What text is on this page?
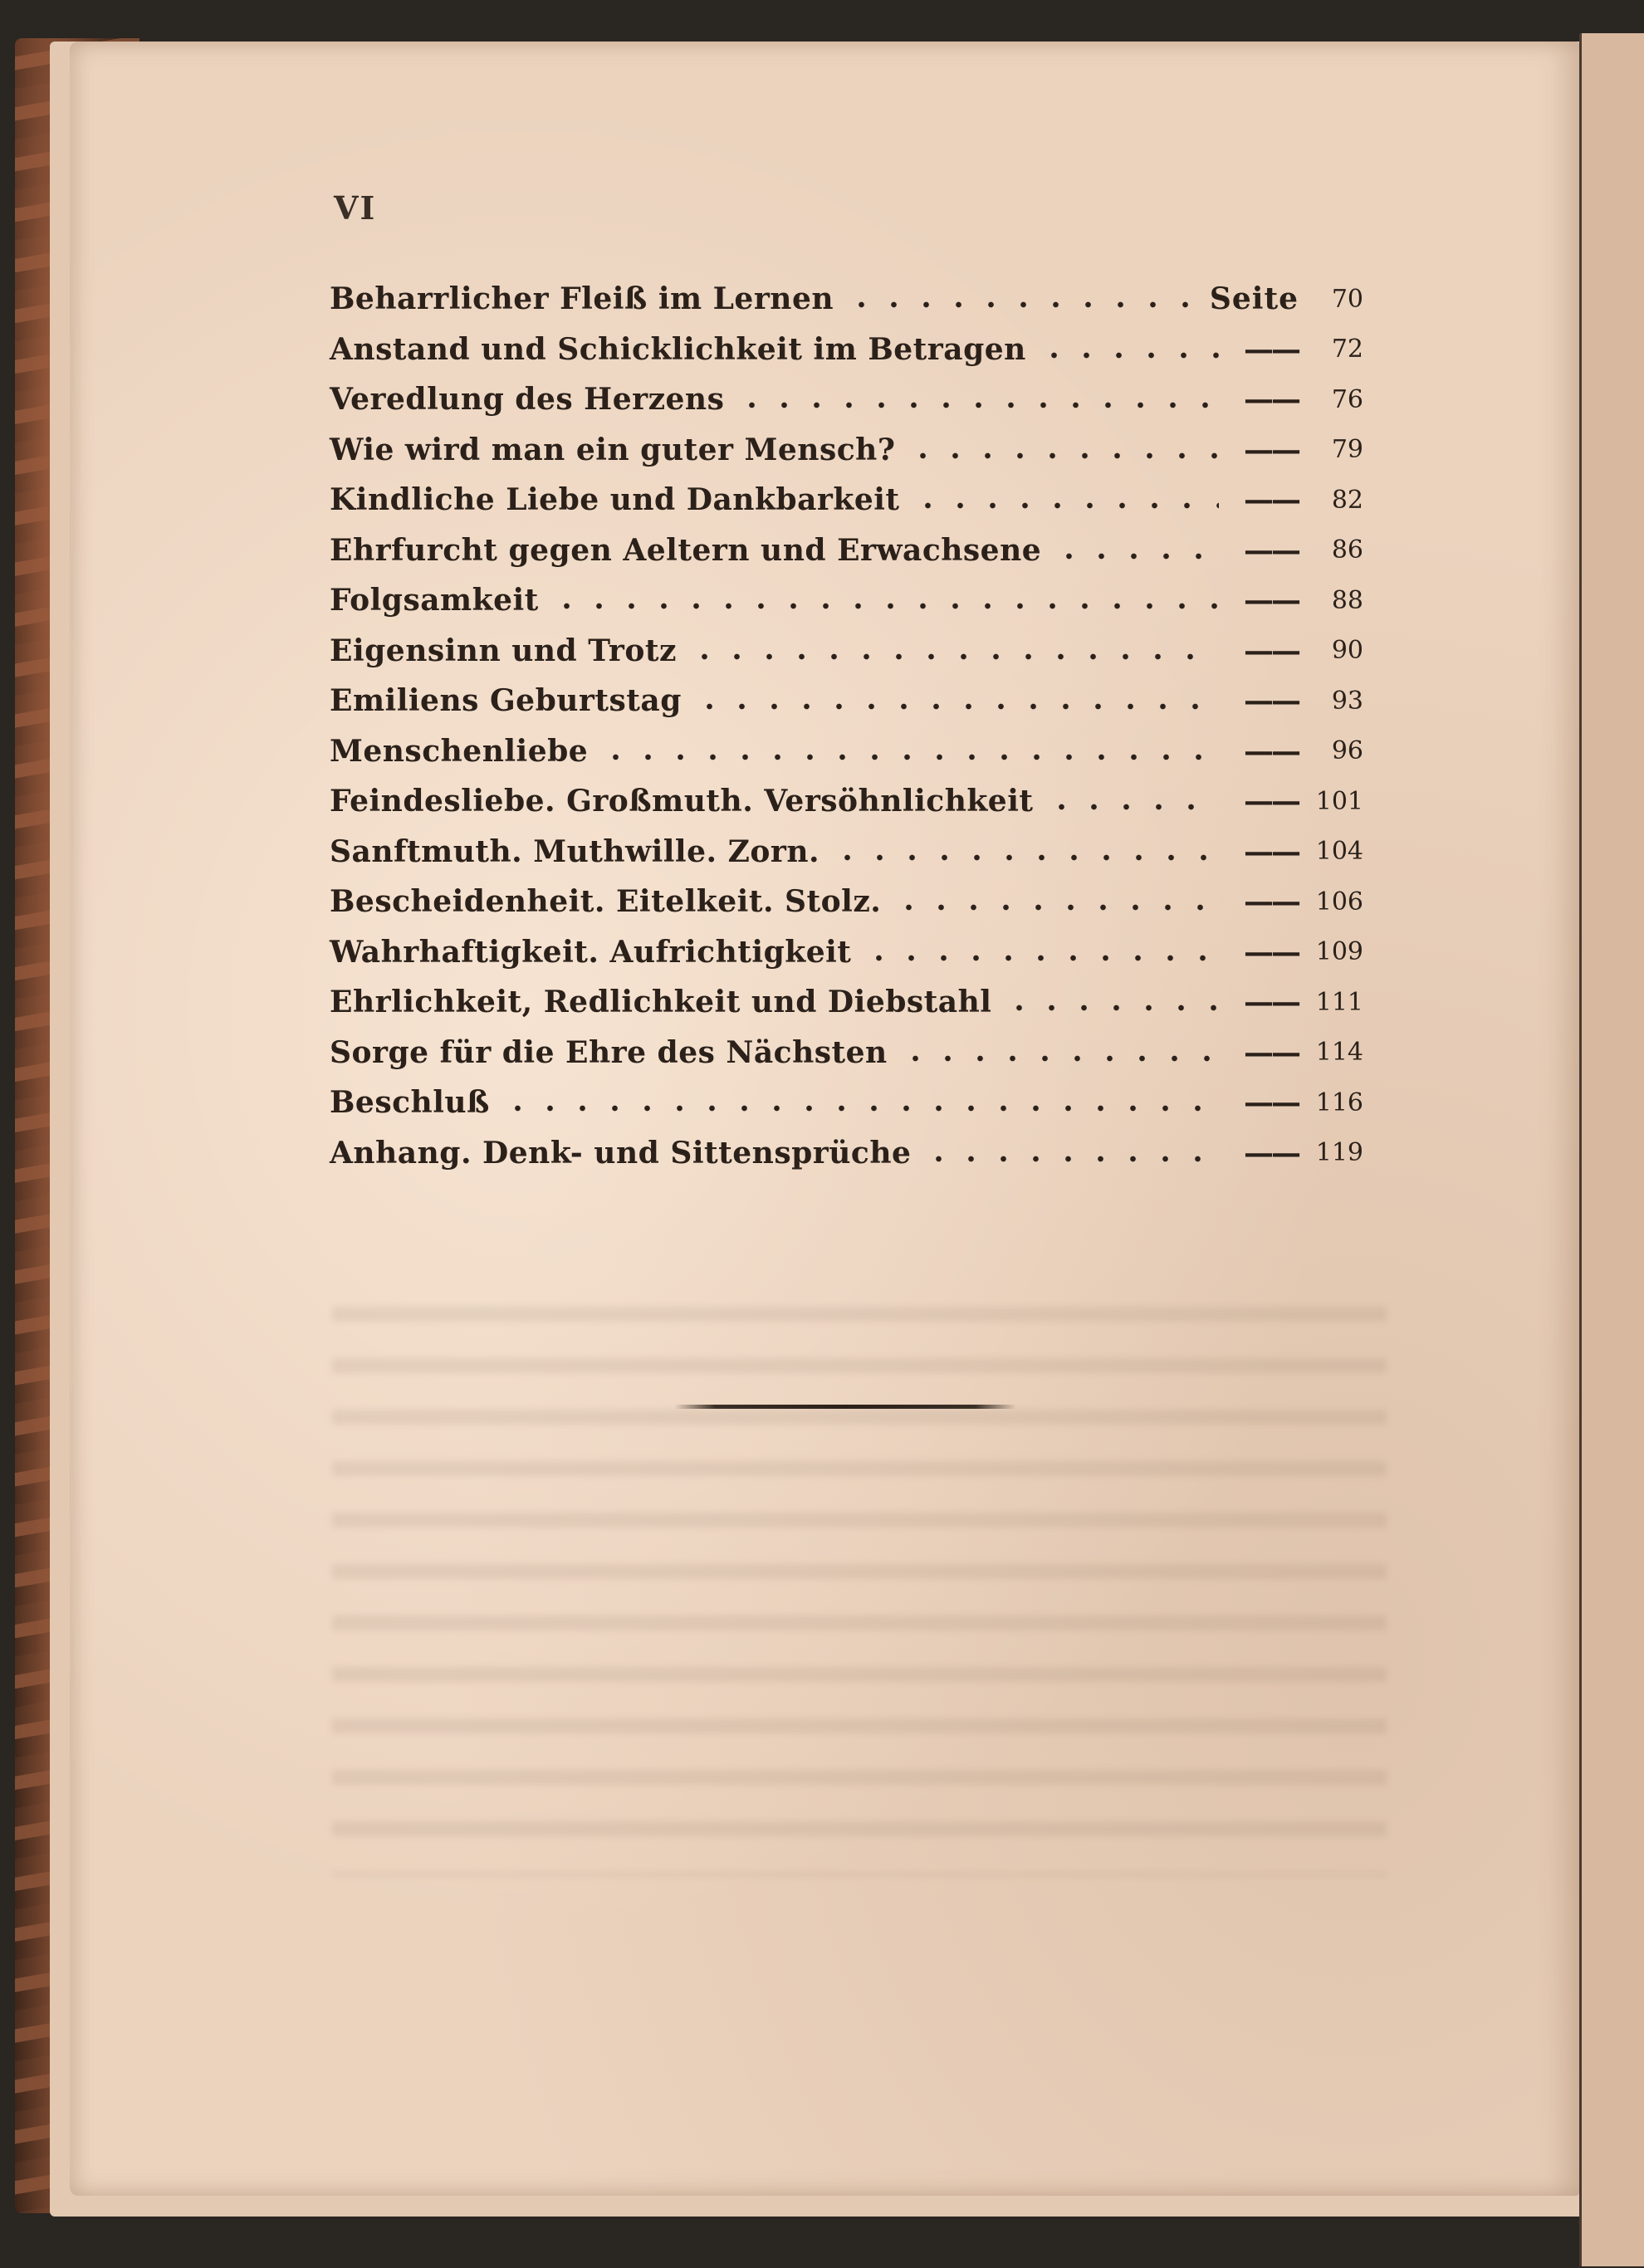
VI
Beharrlicher Fleiß im Lernen	Seite	70
Anstand und Schicklichkeit im Betragen	——	72
Veredlung des Herzens	——	76
Wie wird man ein guter Mensch?	——	79
Kindliche Liebe und Dankbarkeit	——	82
Ehrfurcht gegen Aeltern und Erwachsene	——	86
Folgsamkeit	——	88
Eigensinn und Trotz	——	90
Emiliens Geburtstag	——	93
Menschenliebe	——	96
Feindesliebe. Großmuth. Versöhnlichkeit	—— 101
Sanftmuth. Muthwille. Zorn.	—— 104
Bescheidenheit. Eitelkeit. Stolz.	—— 106
Wahrhaftigkeit. Aufrichtigkeit	—— 109
Ehrlichkeit, Redlichkeit und Diebstahl	—— 111
Sorge für die Ehre des Nächsten	—— 114
Beschluß	—— 116
Anhang. Denk- und Sittensprüche	—— 119
